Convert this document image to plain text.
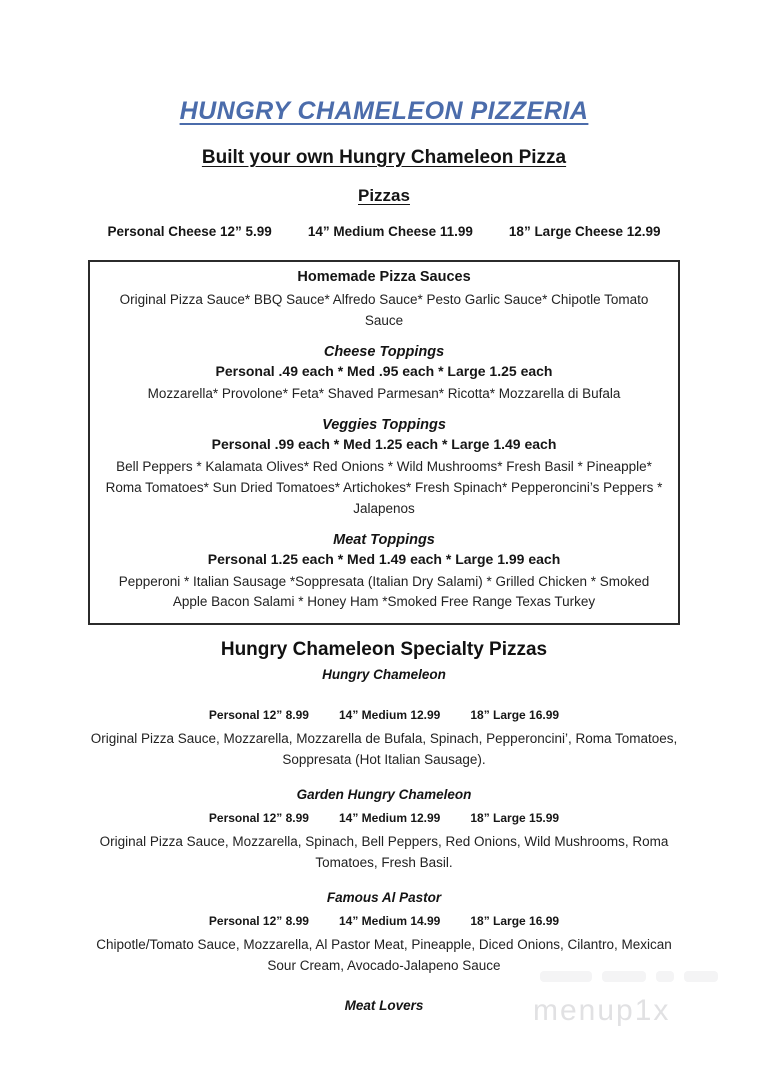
HUNGRY CHAMELEON PIZZERIA
Built your own Hungry Chameleon Pizza
Pizzas
Personal Cheese 12” 5.99	14” Medium Cheese 11.99	18” Large Cheese 12.99
Homemade Pizza Sauces
Original Pizza Sauce* BBQ Sauce* Alfredo Sauce* Pesto Garlic Sauce* Chipotle Tomato Sauce
Cheese Toppings
Personal .49 each * Med .95 each * Large 1.25 each
Mozzarella* Provolone* Feta* Shaved Parmesan* Ricotta* Mozzarella di Bufala
Veggies Toppings
Personal .99 each * Med 1.25 each * Large 1.49 each
Bell Peppers * Kalamata Olives* Red Onions * Wild Mushrooms* Fresh Basil * Pineapple* Roma Tomatoes* Sun Dried Tomatoes* Artichokes* Fresh Spinach* Pepperoncini’s Peppers * Jalapenos
Meat Toppings
Personal 1.25 each * Med 1.49 each * Large 1.99 each
Pepperoni * Italian Sausage *Soppresata (Italian Dry Salami) * Grilled Chicken * Smoked Apple Bacon Salami * Honey Ham *Smoked Free Range Texas Turkey
Hungry Chameleon Specialty Pizzas
Hungry Chameleon
Personal 12” 8.99	14” Medium 12.99	18” Large 16.99
Original Pizza Sauce, Mozzarella, Mozzarella de Bufala, Spinach, Pepperoncini’, Roma Tomatoes, Soppresata (Hot Italian Sausage).
Garden Hungry Chameleon
Personal 12” 8.99	14” Medium 12.99	18” Large 15.99
Original Pizza Sauce, Mozzarella, Spinach, Bell Peppers, Red Onions, Wild Mushrooms, Roma Tomatoes, Fresh Basil.
Famous Al Pastor
Personal 12” 8.99	14” Medium 14.99	18” Large 16.99
Chipotle/Tomato Sauce, Mozzarella, Al Pastor Meat, Pineapple, Diced Onions, Cilantro, Mexican Sour Cream, Avocado-Jalapeno Sauce
Meat Lovers	menup1x
